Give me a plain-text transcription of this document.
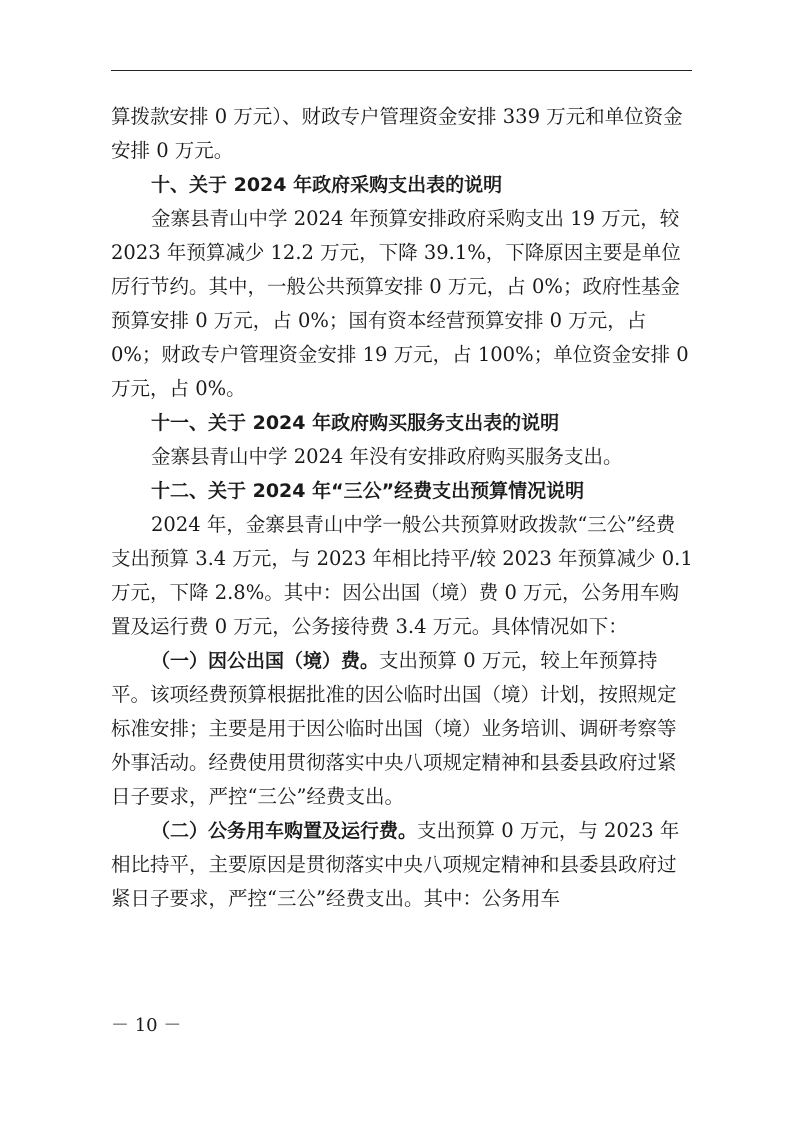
算拨款安排 0 万元）、财政专户管理资金安排 339 万元和单位资金安排 0 万元。

十、关于 2024 年政府采购支出表的说明

金寨县青山中学 2024 年预算安排政府采购支出 19 万元，较 2023 年预算减少 12.2 万元，下降 39.1%，下降原因主要是单位厉行节约。其中，一般公共预算安排 0 万元，占 0%；政府性基金预算安排 0 万元，占 0%；国有资本经营预算安排 0 万元，占 0%；财政专户管理资金安排 19 万元，占 100%；单位资金安排 0 万元，占 0%。

十一、关于 2024 年政府购买服务支出表的说明

金寨县青山中学 2024 年没有安排政府购买服务支出。

十二、关于 2024 年“三公”经费支出预算情况说明

2024 年，金寨县青山中学一般公共预算财政拨款“三公”经费支出预算 3.4 万元，与 2023 年相比持平/较 2023 年预算减少 0.1 万元，下降 2.8%。其中：因公出国（境）费 0 万元，公务用车购置及运行费 0 万元，公务接待费 3.4 万元。具体情况如下：

（一）因公出国（境）费。支出预算 0 万元，较上年预算持平。该项经费预算根据批准的因公临时出国（境）计划，按照规定标准安排；主要是用于因公临时出国（境）业务培训、调研考察等外事活动。经费使用贯彻落实中央八项规定精神和县委县政府过紧日子要求，严控“三公”经费支出。

（二）公务用车购置及运行费。支出预算 0 万元，与 2023 年相比持平，主要原因是贯彻落实中央八项规定精神和县委县政府过紧日子要求，严控“三公”经费支出。其中：公务用车

－ 10 －
